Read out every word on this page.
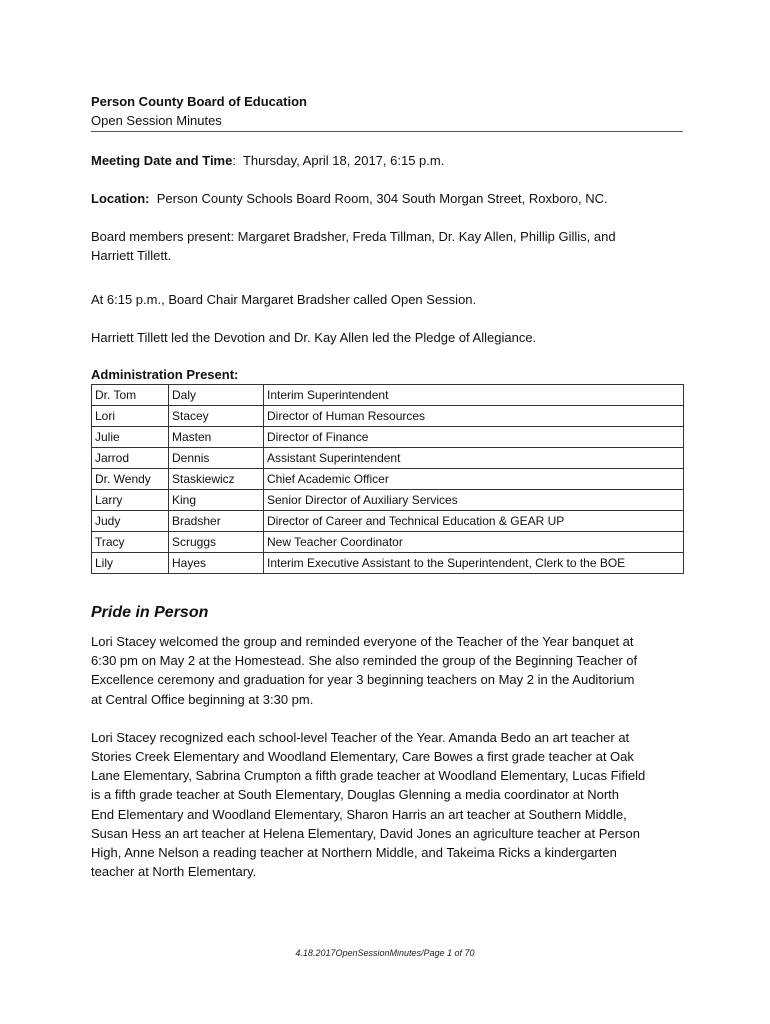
Person County Board of Education
Open Session Minutes

Meeting Date and Time:  Thursday, April 18, 2017, 6:15 p.m.

Location:  Person County Schools Board Room, 304 South Morgan Street, Roxboro, NC.

Board members present: Margaret Bradsher, Freda Tillman, Dr. Kay Allen, Phillip Gillis, and Harriett Tillett.

At 6:15 p.m., Board Chair Margaret Bradsher called Open Session.

Harriett Tillett led the Devotion and Dr. Kay Allen led the Pledge of Allegiance.

Administration Present:
Dr. Tom	Daly	Interim Superintendent
Lori	Stacey	Director of Human Resources
Julie	Masten	Director of Finance
Jarrod	Dennis	Assistant Superintendent
Dr. Wendy	Staskiewicz	Chief Academic Officer
Larry	King	Senior Director of Auxiliary Services
Judy	Bradsher	Director of Career and Technical Education & GEAR UP
Tracy	Scruggs	New Teacher Coordinator
Lily	Hayes	Interim Executive Assistant to the Superintendent, Clerk to the BOE
Pride in Person
Lori Stacey welcomed the group and reminded everyone of the Teacher of the Year banquet at
6:30 pm on May 2 at the Homestead. She also reminded the group of the Beginning Teacher of
Excellence ceremony and graduation for year 3 beginning teachers on May 2 in the Auditorium
at Central Office beginning at 3:30 pm.
Lori Stacey recognized each school-level Teacher of the Year. Amanda Bedo an art teacher at
Stories Creek Elementary and Woodland Elementary, Care Bowes a first grade teacher at Oak
Lane Elementary, Sabrina Crumpton a fifth grade teacher at Woodland Elementary, Lucas Fifield
is a fifth grade teacher at South Elementary, Douglas Glenning a media coordinator at North
End Elementary and Woodland Elementary, Sharon Harris an art teacher at Southern Middle,
Susan Hess an art teacher at Helena Elementary, David Jones an agriculture teacher at Person
High, Anne Nelson a reading teacher at Northern Middle, and Takeima Ricks a kindergarten
teacher at North Elementary.
4.18.2017OpenSessionMinutes/Page 1 of 70
